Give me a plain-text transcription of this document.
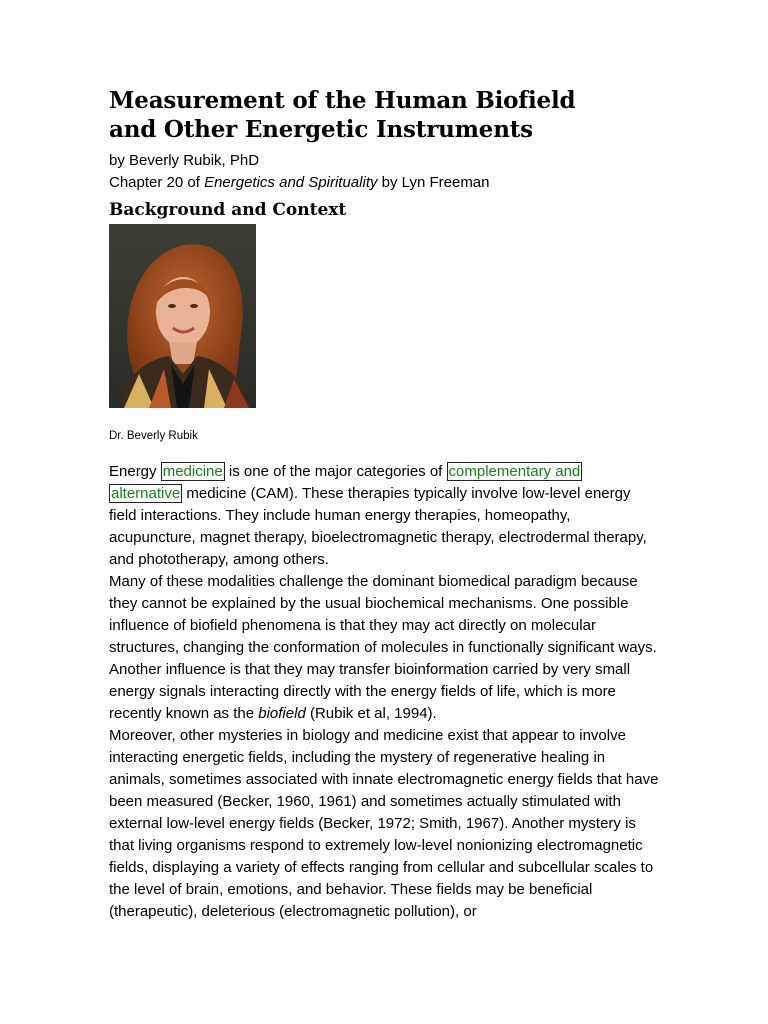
Measurement of the Human Biofield
and Other Energetic Instruments

by Beverly Rubik, PhD

Chapter 20 of Energetics and Spirituality by Lyn Freeman

Background and Context

Dr. Beverly Rubik

Energy medicine is one of the major categories of complementary and
alternative medicine (CAM). These therapies typically involve low-level energy field interactions. They include human energy therapies, homeopathy, acupuncture, magnet therapy, bioelectromagnetic therapy, electrodermal therapy, and phototherapy, among others.

Many of these modalities challenge the dominant biomedical paradigm because they cannot be explained by the usual biochemical mechanisms. One possible influence of biofield phenomena is that they may act directly on molecular structures, changing the conformation of molecules in functionally significant ways. Another influence is that they may transfer bioinformation carried by very small energy signals interacting directly with the energy fields of life, which is more recently known as the biofield (Rubik et al, 1994).

Moreover, other mysteries in biology and medicine exist that appear to involve interacting energetic fields, including the mystery of regenerative healing in animals, sometimes associated with innate electromagnetic energy fields that have been measured (Becker, 1960, 1961) and sometimes actually stimulated with external low-level energy fields (Becker, 1972; Smith, 1967). Another mystery is that living organisms respond to extremely low-level nonionizing electromagnetic fields, displaying a variety of effects ranging from cellular and subcellular scales to the level of brain, emotions, and behavior. These fields may be beneficial (therapeutic), deleterious (electromagnetic pollution), or
